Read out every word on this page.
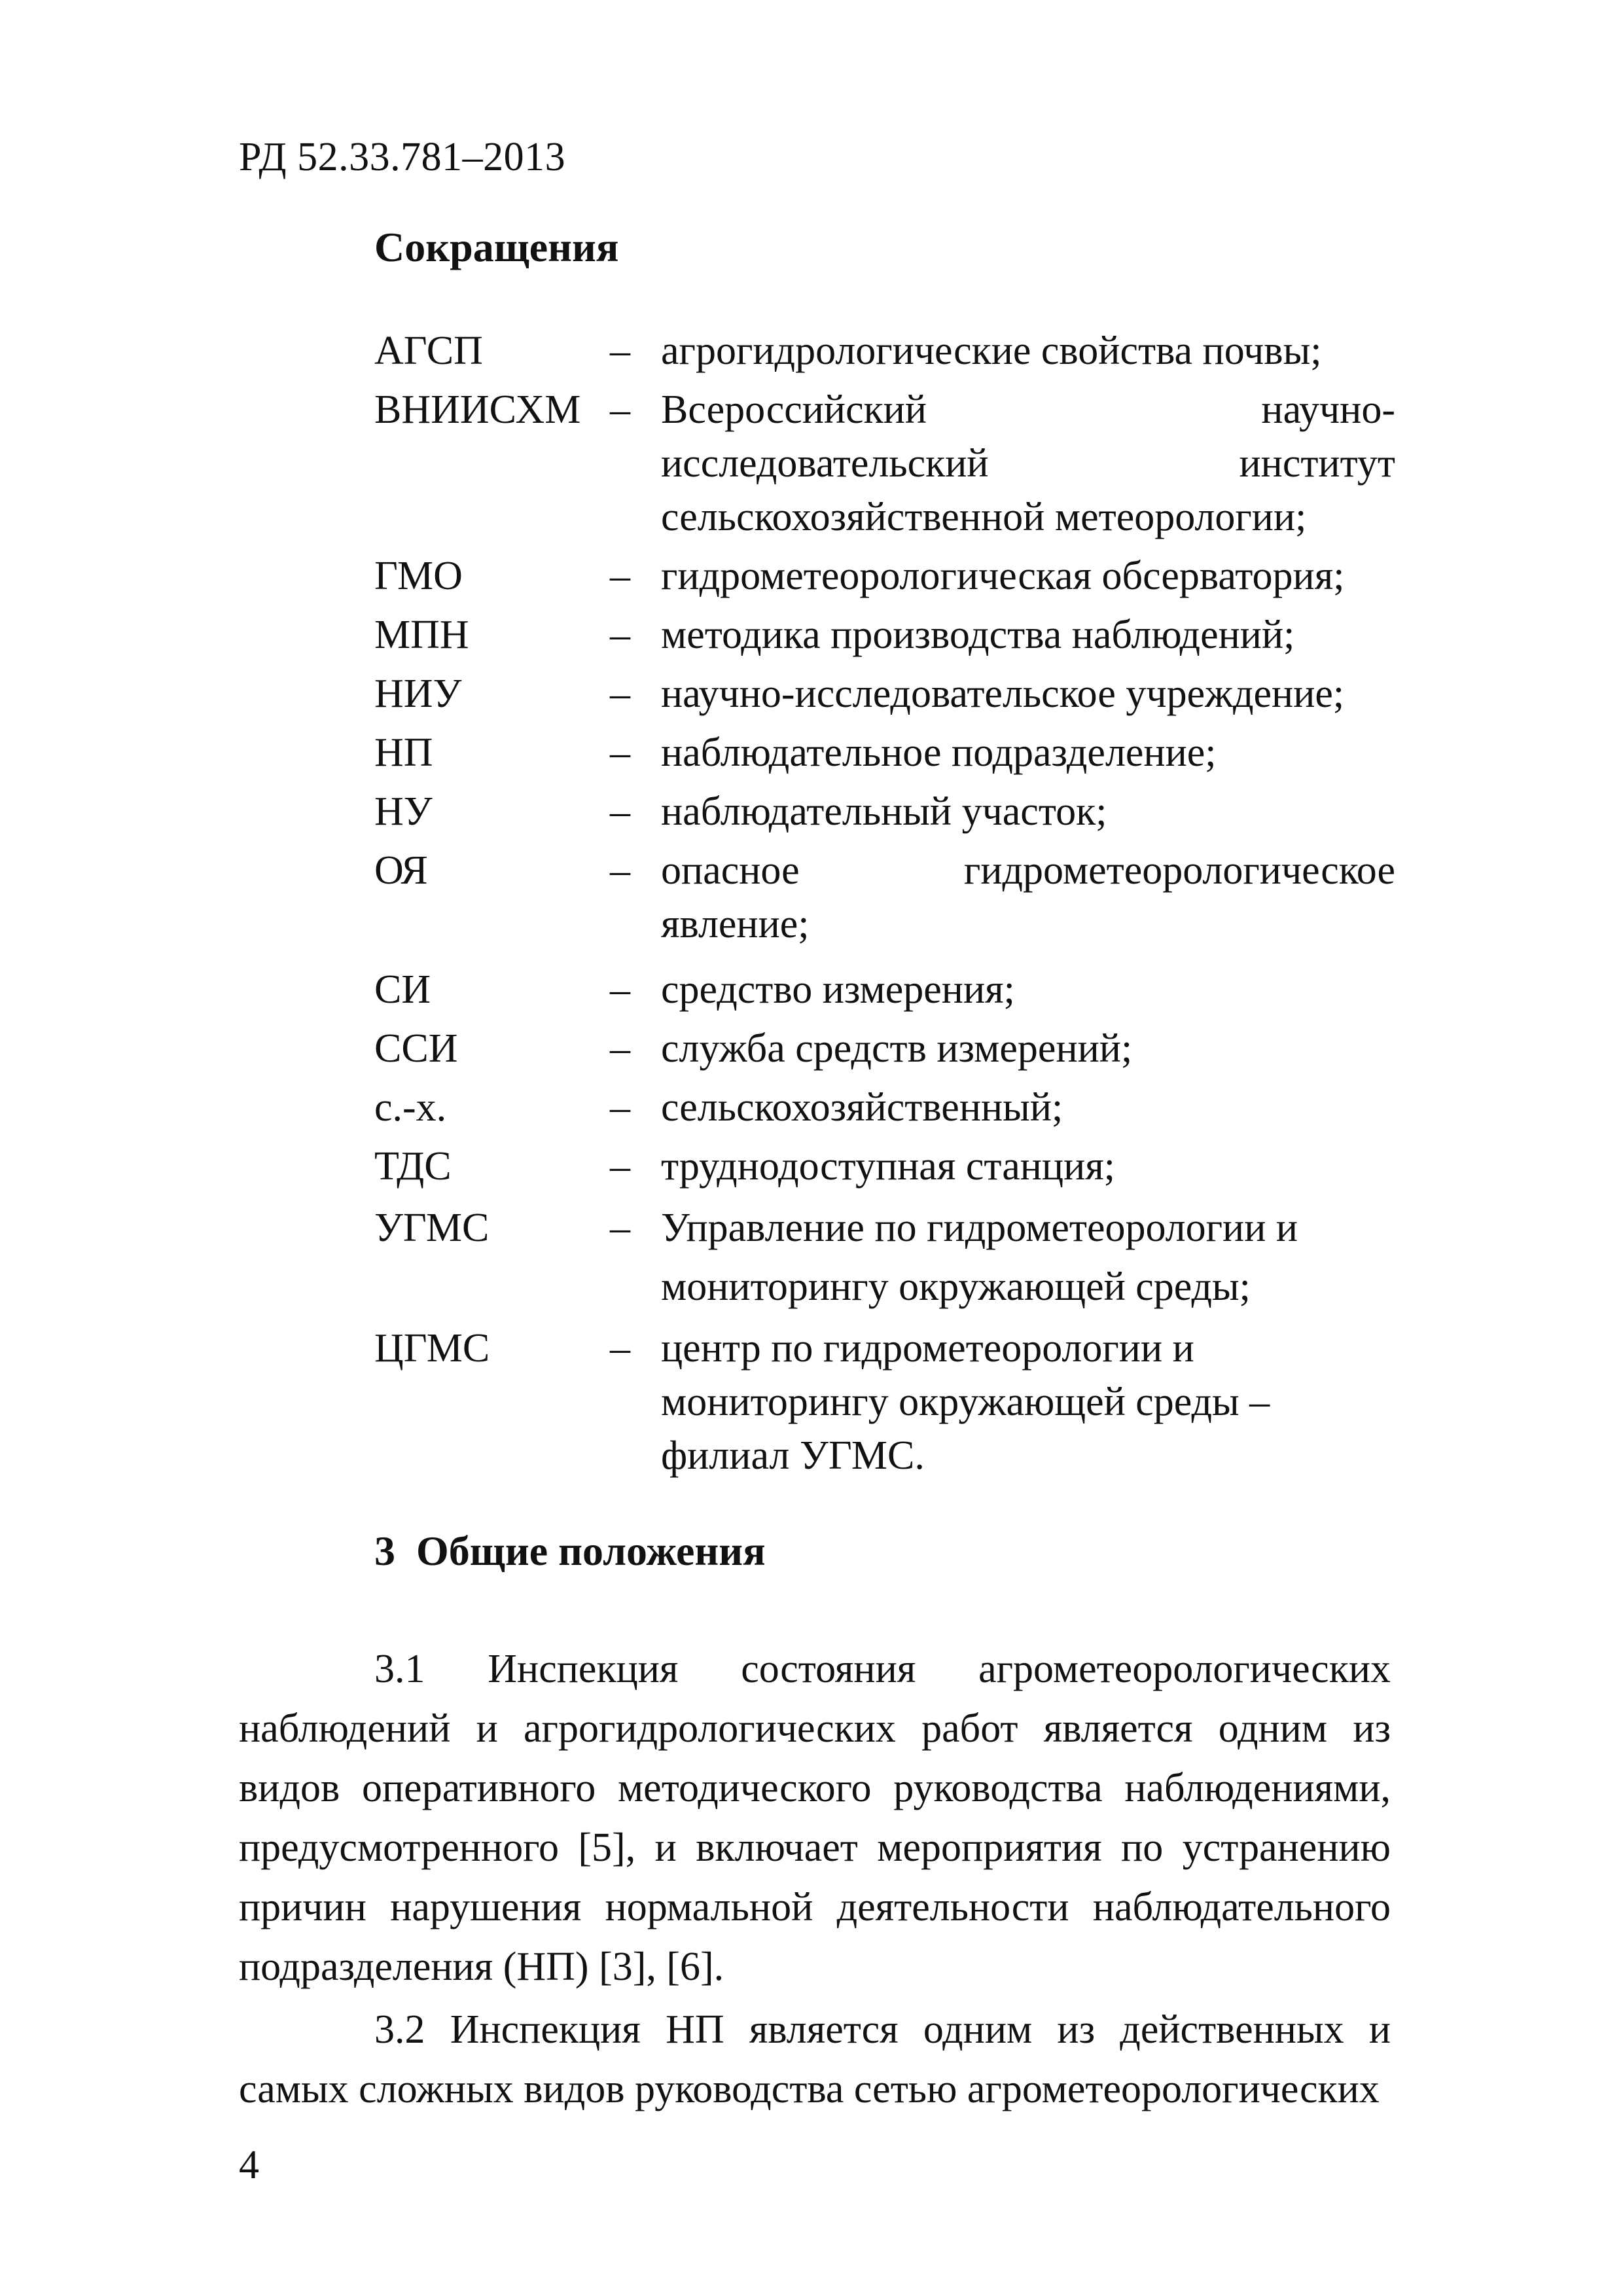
РД 52.33.781–2013
Сокращения
АГСП	– агрогидрологические свойства почвы;
ВНИИСХМ – Всероссийский научно-исследовательский институт сельскохозяйственной метеорологии;
ГМО	– гидрометеорологическая обсерватория;
МПН	– методика производства наблюдений;
НИУ	– научно-исследовательское учреждение;
НП	– наблюдательное подразделение;
НУ	– наблюдательный участок;
ОЯ	– опасное гидрометеорологическое явление;
СИ	– средство измерения;
ССИ	– служба средств измерений;
с.-х.	– сельскохозяйственный;
ТДС	– труднодоступная станция;
УГМС	– Управление по гидрометеорологии и мониторингу окружающей среды;
ЦГМС	– центр по гидрометеорологии и мониторингу окружающей среды – филиал УГМС.
3  Общие положения

3.1 Инспекция состояния агрометеорологических наблюдений и агрогидрологических работ является одним из видов оперативного методического руководства наблюдениями, предусмотренного [5], и включает мероприятия по устранению причин нарушения нормальной деятельности наблюдательного подразделения (НП) [3], [6].

3.2 Инспекция НП является одним из действенных и самых сложных видов руководства сетью агрометеорологических

4
